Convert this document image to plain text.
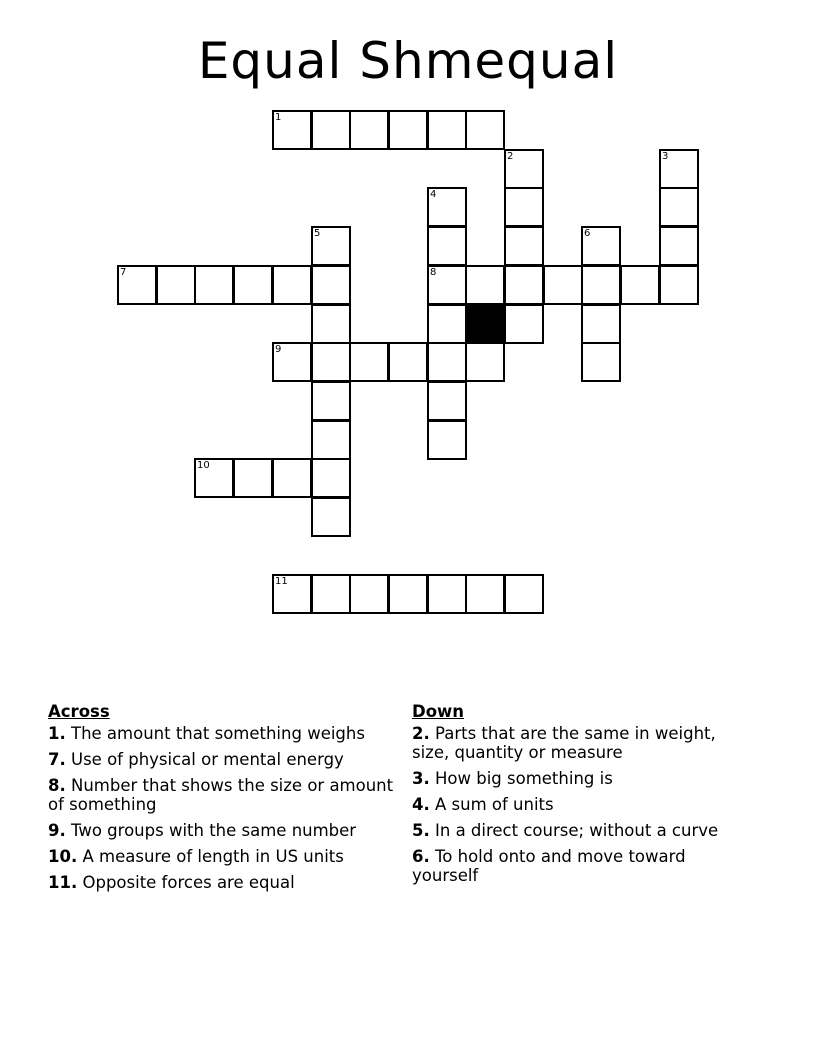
Equal Shmequal
1
7	8
9
10
11
2	3
4
5	6
Across
1. The amount that something weighs
7. Use of physical or mental energy
8. Number that shows the size or amount of something
9. Two groups with the same number
10. A measure of length in US units
11. Opposite forces are equal
Down
2. Parts that are the same in weight, size, quantity or measure
3. How big something is
4. A sum of units
5. In a direct course; without a curve
6. To hold onto and move toward yourself
